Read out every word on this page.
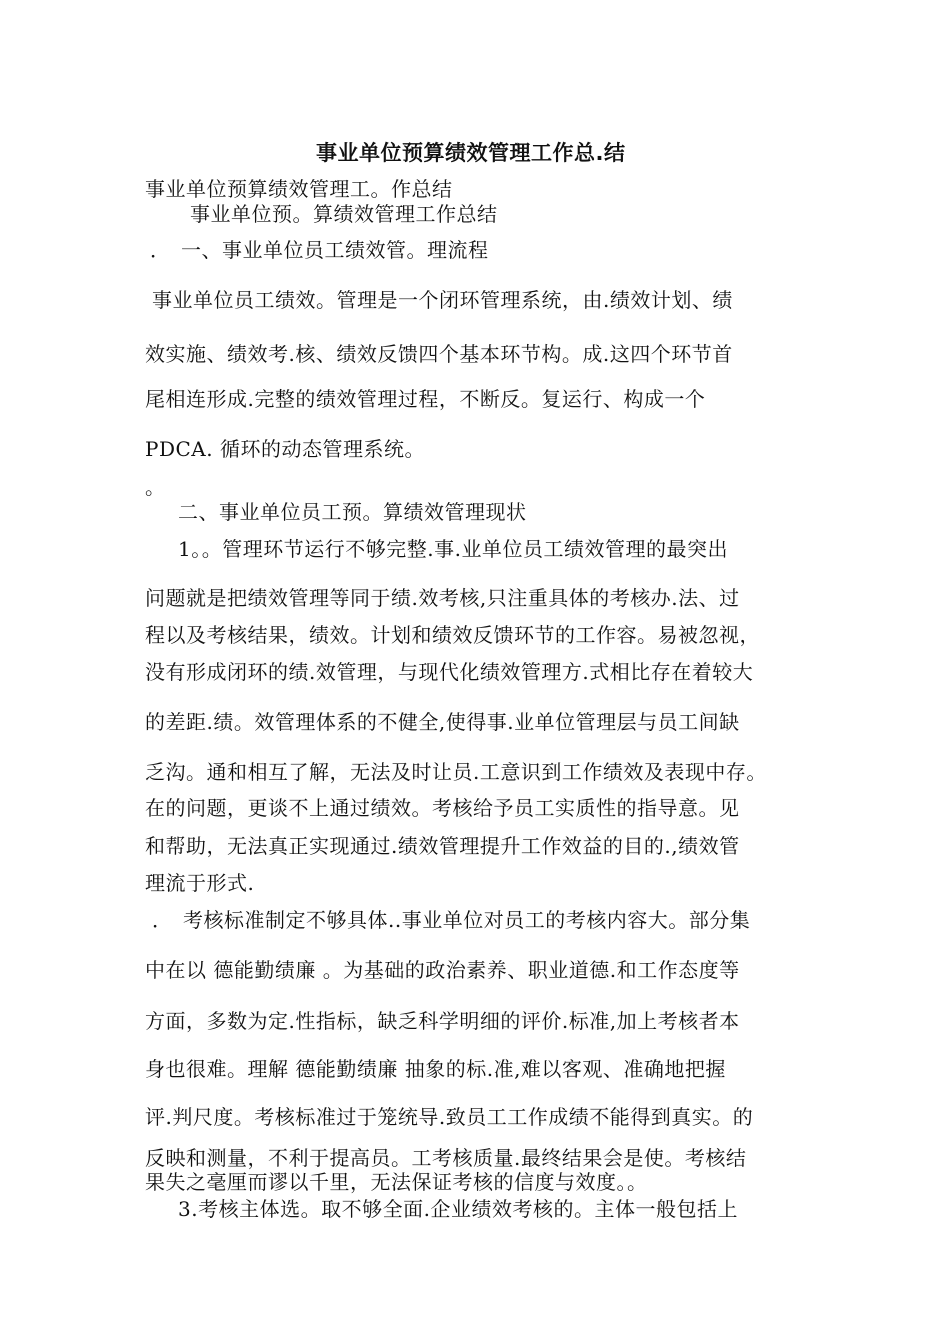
事业单位预算绩效管理工作总.结
事业单位预算绩效管理工。作总结
事业单位预。算绩效管理工作总结
．　一、事业单位员工绩效管。理流程
事业单位员工绩效。管理是一个闭环管理系统，由.绩效计划、绩
效实施、绩效考.核、绩效反馈四个基本环节构。成.这四个环节首
尾相连形成.完整的绩效管理过程，不断反。复运行、构成一个
PDCA. 循环的动态管理系统。
。
二、事业单位员工预。算绩效管理现状
1。。管理环节运行不够完整.事.业单位员工绩效管理的最突出
问题就是把绩效管理等同于绩.效考核,只注重具体的考核办.法、过
程以及考核结果，绩效。计划和绩效反馈环节的工作容。易被忽视，
没有形成闭环的绩.效管理，与现代化绩效管理方.式相比存在着较大
的差距.绩。效管理体系的不健全,使得事.业单位管理层与员工间缺
乏沟。通和相互了解，无法及时让员.工意识到工作绩效及表现中存。
在的问题，更谈不上通过绩效。考核给予员工实质性的指导意。见
和帮助，无法真正实现通过.绩效管理提升工作效益的目的.,绩效管
理流于形式.
．　考核标准制定不够具体..事业单位对员工的考核内容大。部分集
中在以 德能勤绩廉 。为基础的政治素养、职业道德.和工作态度等
方面，多数为定.性指标，缺乏科学明细的评价.标准,加上考核者本
身也很难。理解 德能勤绩廉 抽象的标.准,难以客观、准确地把握
评.判尺度。考核标准过于笼统导.致员工工作成绩不能得到真实。的
反映和测量，不利于提高员。工考核质量.最终结果会是使。考核结
果失之毫厘而谬以千里，无法保证考核的信度与效度。。
3.考核主体选。取不够全面.企业绩效考核的。主体一般包括上
